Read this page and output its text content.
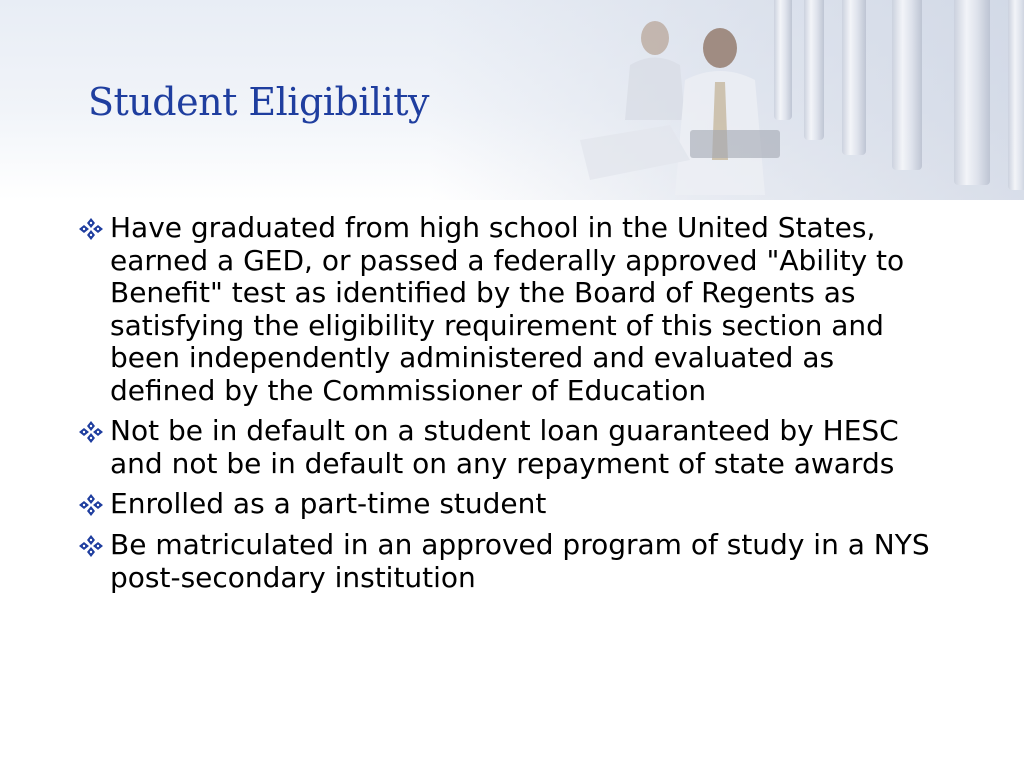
Student Eligibility
Have graduated from high school in the United States, earned a GED, or passed a federally approved "Ability to Benefit" test as identified by the Board of Regents as satisfying the eligibility requirement of this section and been independently administered and evaluated as defined by the Commissioner of Education
Not be in default on a student loan guaranteed by HESC and not be in default on any repayment of state awards
Enrolled as a part-time student
Be matriculated in an approved program of study in a NYS post-secondary institution
